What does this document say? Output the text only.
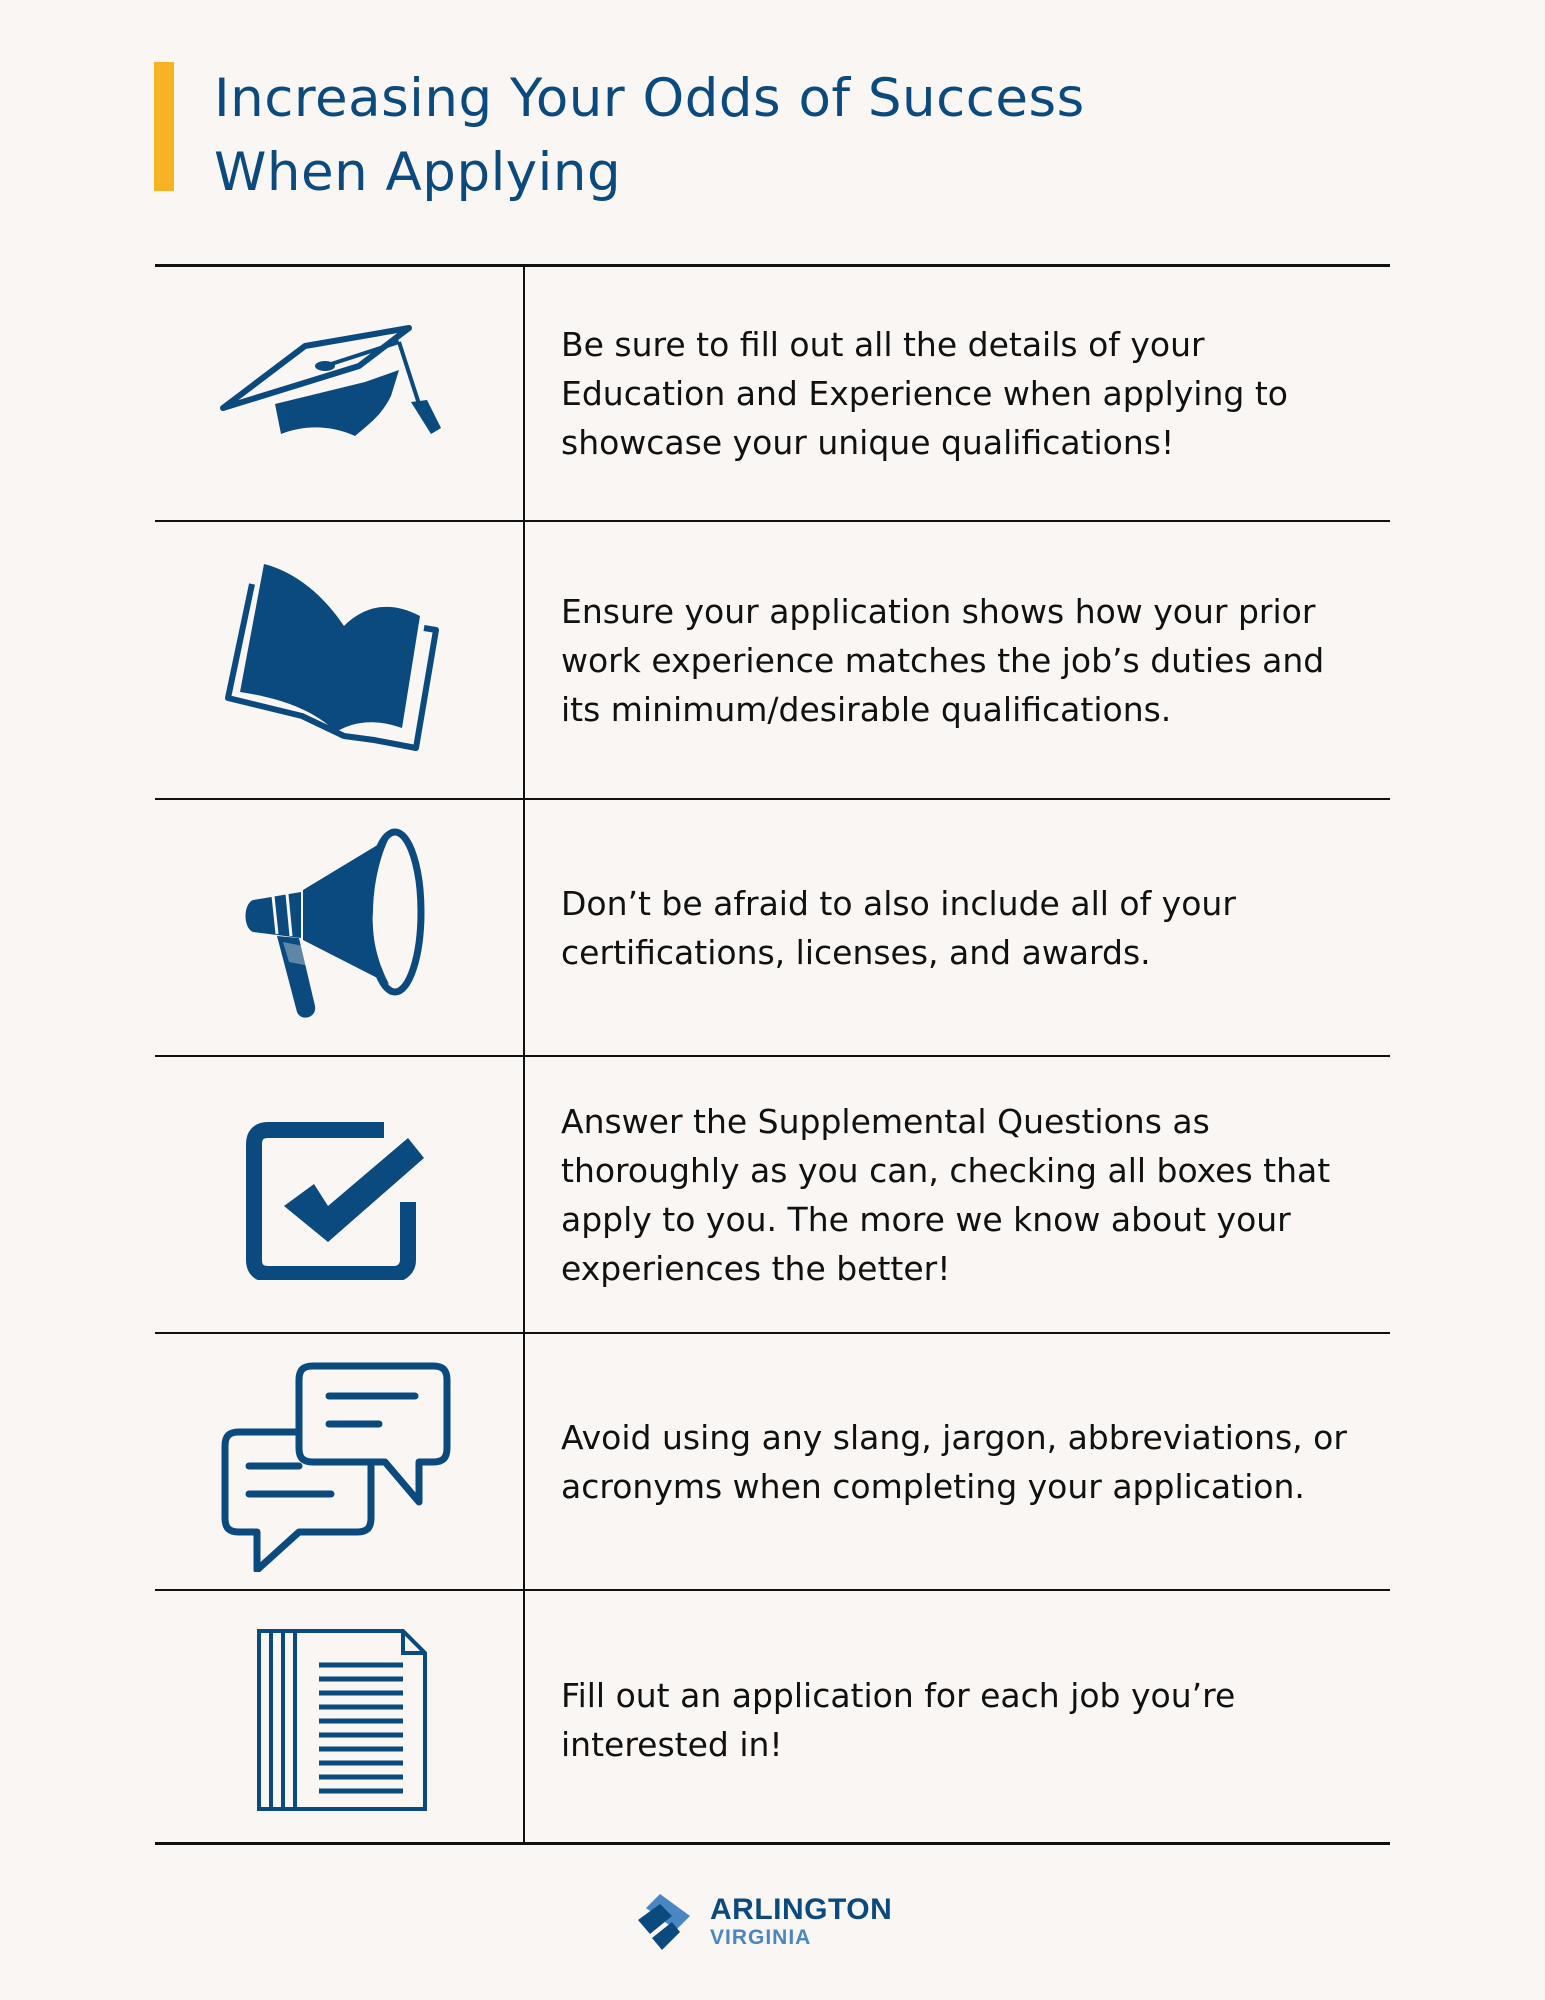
Increasing Your Odds of Success
When Applying
Be sure to fill out all the details of your Education and Experience when applying to showcase your unique qualifications!
Ensure your application shows how your prior work experience matches the job’s duties and its minimum/desirable qualifications.
Don’t be afraid to also include all of your certifications, licenses, and awards.
Answer the Supplemental Questions as thoroughly as you can, checking all boxes that apply to you. The more we know about your experiences the better!
Avoid using any slang, jargon, abbreviations, or acronyms when completing your application.
Fill out an application for each job you’re interested in!
ARLINGTON
VIRGINIA
